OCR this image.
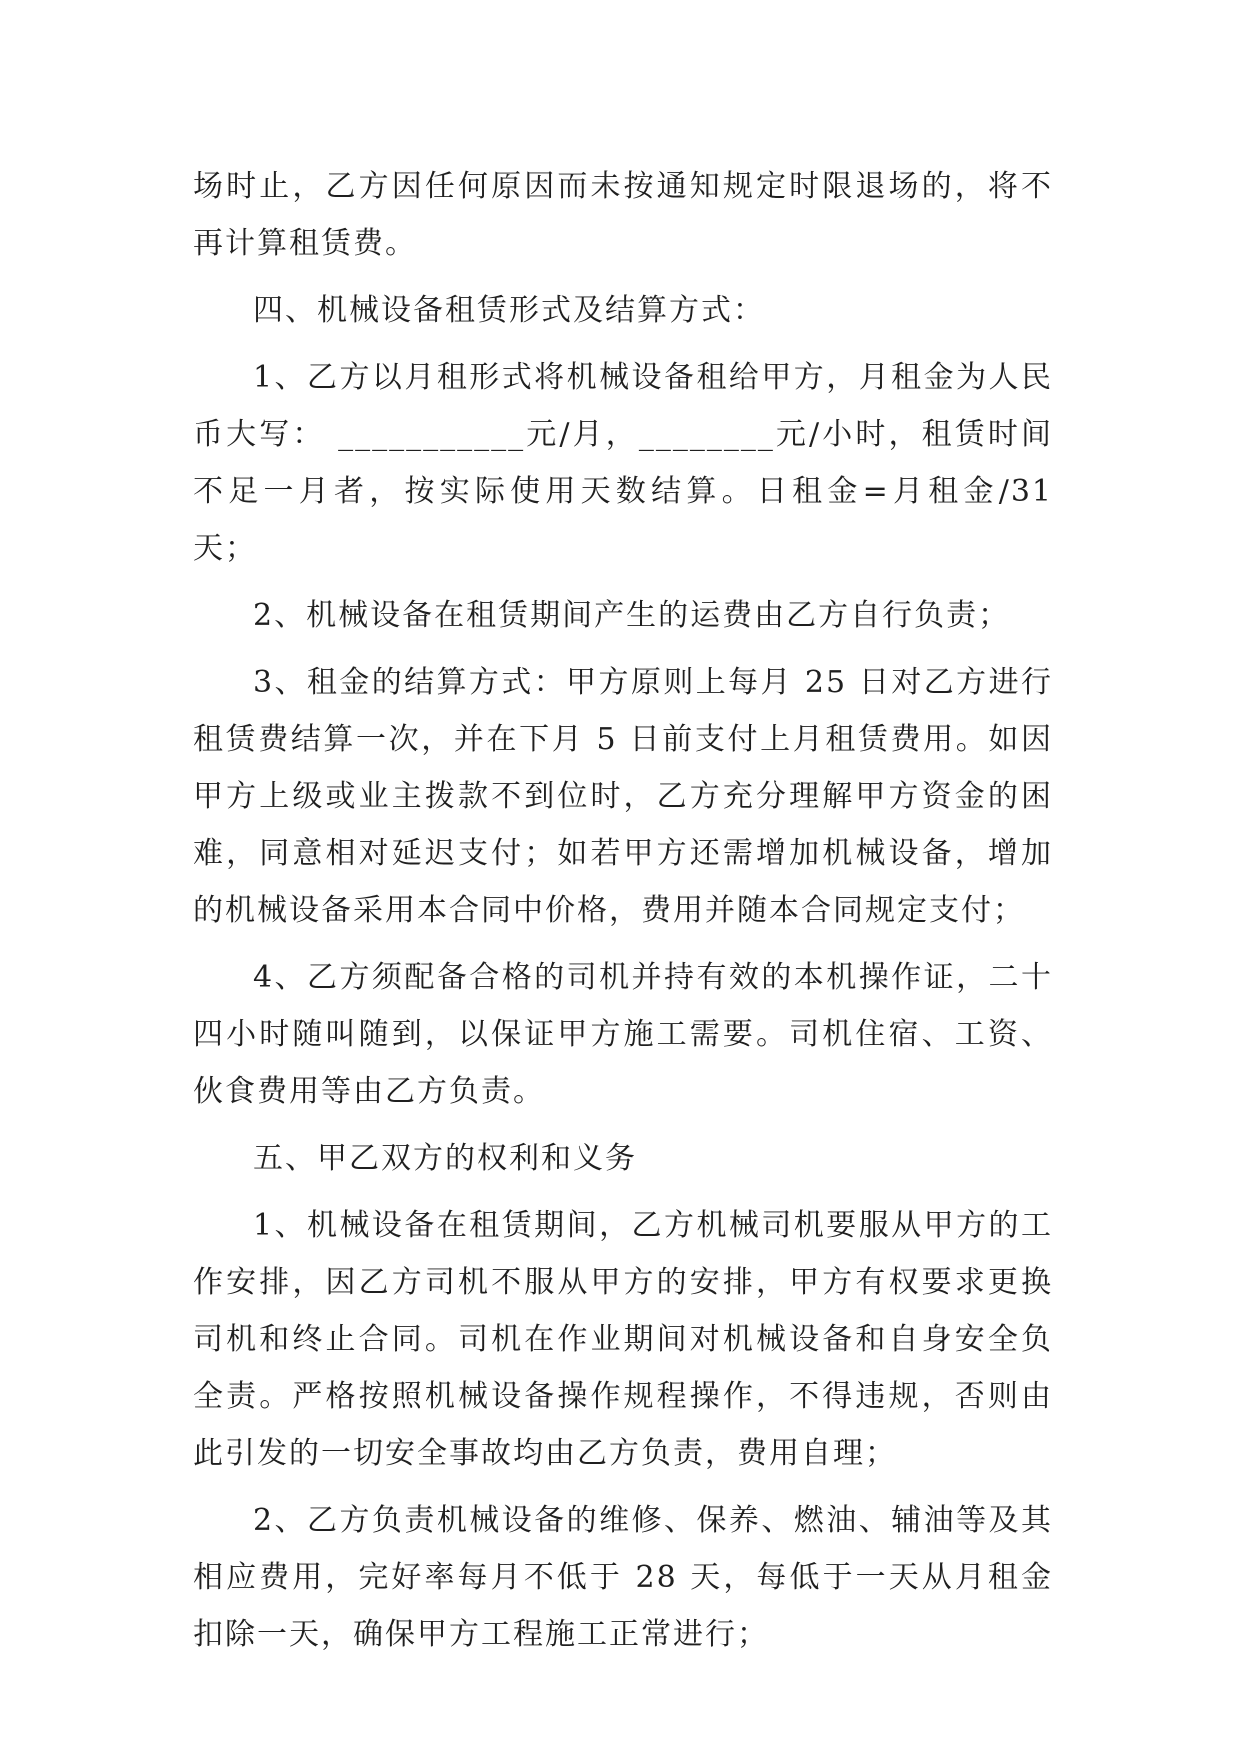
场时止，乙方因任何原因而未按通知规定时限退场的，将不再计算租赁费。

四、机械设备租赁形式及结算方式：

1、乙方以月租形式将机械设备租给甲方，月租金为人民币大写： ___________元/月，________元/小时，租赁时间不足一月者，按实际使用天数结算。日租金=月租金/31 天；

2、机械设备在租赁期间产生的运费由乙方自行负责；

3、租金的结算方式：甲方原则上每月 25 日对乙方进行租赁费结算一次，并在下月 5 日前支付上月租赁费用。如因甲方上级或业主拨款不到位时，乙方充分理解甲方资金的困难，同意相对延迟支付；如若甲方还需增加机械设备，增加的机械设备采用本合同中价格，费用并随本合同规定支付；

4、乙方须配备合格的司机并持有效的本机操作证，二十四小时随叫随到，以保证甲方施工需要。司机住宿、工资、伙食费用等由乙方负责。

五、甲乙双方的权利和义务

1、机械设备在租赁期间，乙方机械司机要服从甲方的工作安排，因乙方司机不服从甲方的安排，甲方有权要求更换司机和终止合同。司机在作业期间对机械设备和自身安全负全责。严格按照机械设备操作规程操作，不得违规，否则由此引发的一切安全事故均由乙方负责，费用自理；

2、乙方负责机械设备的维修、保养、燃油、辅油等及其相应费用，完好率每月不低于 28 天，每低于一天从月租金扣除一天，确保甲方工程施工正常进行；
